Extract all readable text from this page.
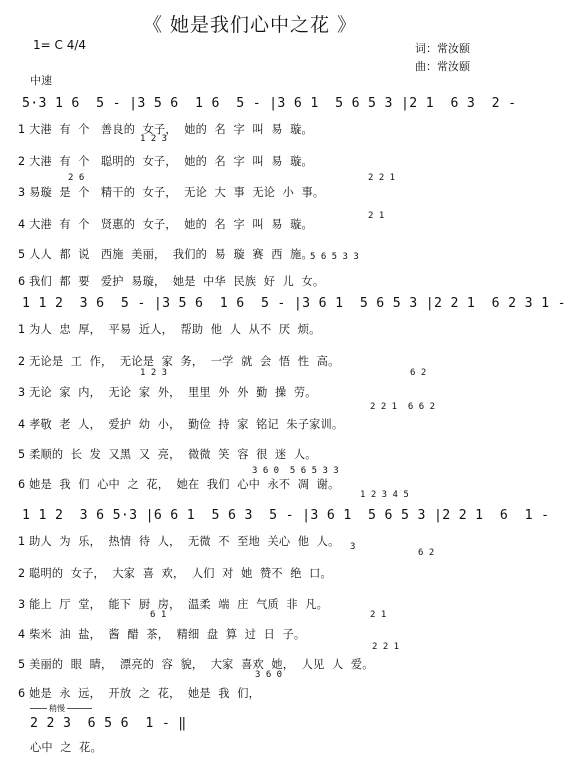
《 她是我们心中之花 》
1= C 4/4	词：常汝颐
曲：常汝颐
中速
5·3 1 6  5 - |3 5 6  1 6  5 - |3 6 1  5 6 5 3 |2 1  6 3  2 -
1 2 3
2 6	2 2 1
2 1
5 6 5 3 3
1 大港  有  个   善良的  女子，  她的  名  字  叫  易  璇。
2 大港  有  个   聪明的  女子，  她的  名  字  叫  易  璇。
3 易璇  是  个   精干的  女子，  无论  大  事  无论  小  事。
4 大港  有  个   贤惠的  女子，  她的  名  字  叫  易  璇。
5 人人  都  说   西施  美丽，  我们的  易  璇  赛  西  施。
6 我们  都  要   爱护  易璇，  她是  中华  民族  好  儿  女。
1 1 2  3 6  5 - |3 5 6  1 6  5 - |3 6 1  5 6 5 3 |2 2 1  6 2 3 1 -
1 2 3	6 2
2 2 1  6 6 2
3 6 0  5 6 5 3 3
1 2 3 4 5
1 为人  忠  厚，  平易  近人，  帮助  他  人  从不  厌  烦。
2 无论是  工  作，  无论是  家  务，  一学  就  会  悟  性  高。
3 无论  家  内，  无论  家  外，  里里  外  外  勤  操  劳。
4 孝敬  老  人，  爱护  幼  小，  勤俭  持  家  铭记  朱子家训。
5 柔顺的  长  发  又黑  又  亮，  微微  笑  容  很  迷  人。
6 她是  我  们  心中  之  花，  她在  我们  心中  永不  凋  谢。
1 1 2  3 6 5·3 |6 6 1  5 6 3  5 - |3 6 1  5 6 5 3 |2 2 1  6  1 -
3
6 2
6 1	2 1
2 2 1
3 6 0
1 助人  为  乐，  热情  待  人，  无微  不  至地  关心  他  人。
2 聪明的  女子，  大家  喜  欢，  人们  对  她  赞不  绝  口。
3 能上  厅  堂，  能下  厨  房，  温柔  端  庄  气质  非  凡。
4 柴米  油  盐，  酱  醋  茶，  精细  盘  算  过  日  子。
5 美丽的  眼  睛，  漂亮的  容  貌，  大家  喜欢  她，  人见  人  爱。
6 她是  永  远，  开放  之  花，  她是  我  们，
稍慢
2 2 3  6 5 6  1 - ‖
心中  之  花。
